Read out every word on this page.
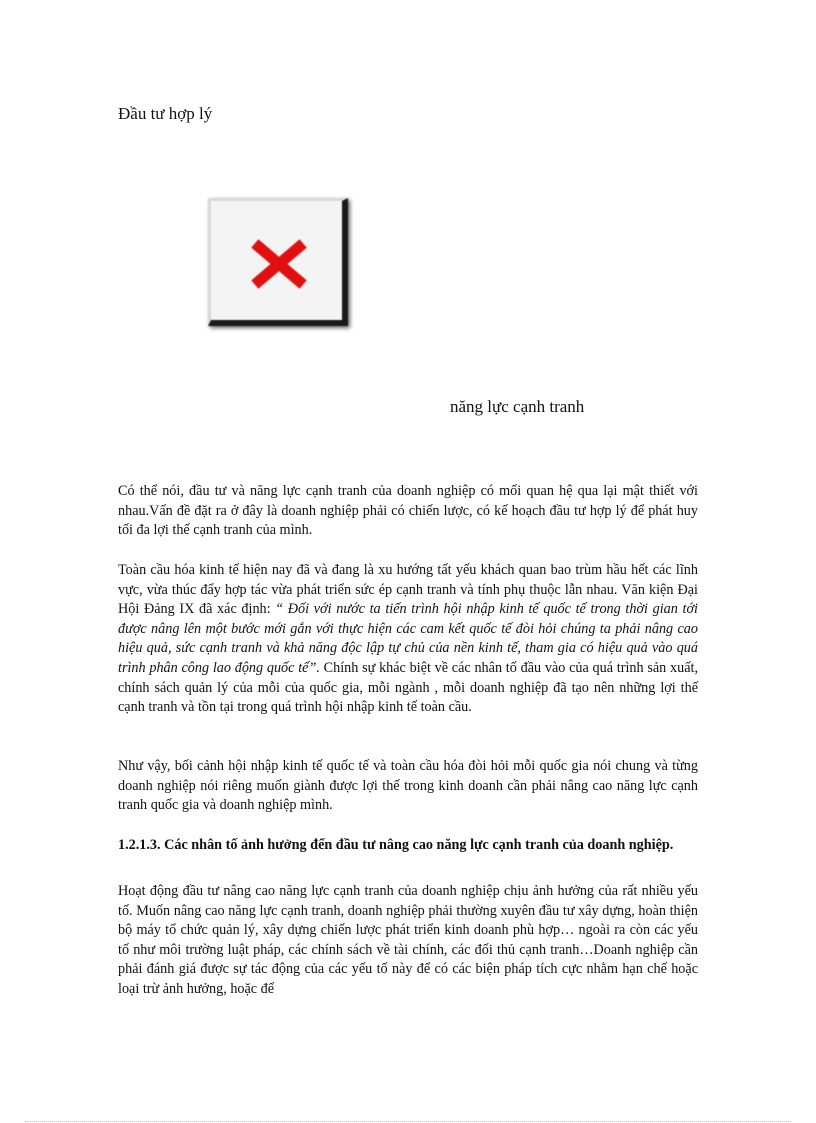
Đầu tư hợp lý
năng lực cạnh tranh
Có thể nói, đầu tư và năng lực cạnh tranh của doanh nghiệp có mối quan hệ qua lại mật thiết với nhau.Vấn đề đặt ra ở đây là doanh nghiệp phải có chiến lược, có kế hoạch đầu tư hợp lý để phát huy tối đa lợi thế cạnh tranh của mình.
Toàn cầu hóa kinh tế hiện nay đã và đang là xu hướng tất yếu khách quan bao trùm hầu hết các lĩnh vực, vừa thúc đẩy hợp tác vừa phát triển sức ép cạnh tranh và tính phụ thuộc lẫn nhau. Văn kiện Đại Hội Đảng IX đã xác định: “ Đối với nước ta tiến trình hội nhập kinh tế quốc tế trong thời gian tới được nâng lên một bước mới gắn với thực hiện các cam kết quốc tế đòi hỏi chúng ta phải nâng cao hiệu quả, sức cạnh tranh và khả năng độc lập tự chủ của nền kinh tế, tham gia có hiệu quả vào quá trình phân công lao động quốc tế”. Chính sự khác biệt về các nhân tố đầu vào của quá trình sản xuất, chính sách quản lý của mỗi của quốc gia, mỗi ngành , mỗi doanh nghiệp đã tạo nên những lợi thế cạnh tranh và tồn tại trong quá trình hội nhập kinh tế toàn cầu.
Như vậy, bối cảnh hội nhập kinh tế quốc tế và toàn cầu hóa đòi hỏi mỗi quốc gia nói chung và từng doanh nghiệp nói riêng muốn giành được lợi thế trong kinh doanh cần phải nâng cao năng lực cạnh tranh quốc gia và doanh nghiệp mình.
1.2.1.3. Các nhân tố ảnh hưởng đến đầu tư nâng cao năng lực cạnh tranh của doanh nghiệp.
Hoạt động đầu tư nâng cao năng lực cạnh tranh của doanh nghiệp chịu ảnh hưởng của rất nhiều yếu tố. Muốn nâng cao năng lực cạnh tranh, doanh nghiệp phải thường xuyên đầu tư xây dựng, hoàn thiện bộ máy tổ chức quản lý, xây dựng chiến lược phát triển kinh doanh phù hợp… ngoài ra còn các yếu tố như môi trường luật pháp, các chính sách về tài chính, các đối thủ cạnh tranh…Doanh nghiệp cần phải đánh giá được sự tác động của các yếu tố này để có các biện pháp tích cực nhằm hạn chế hoặc loại trừ ảnh hưởng, hoặc để
